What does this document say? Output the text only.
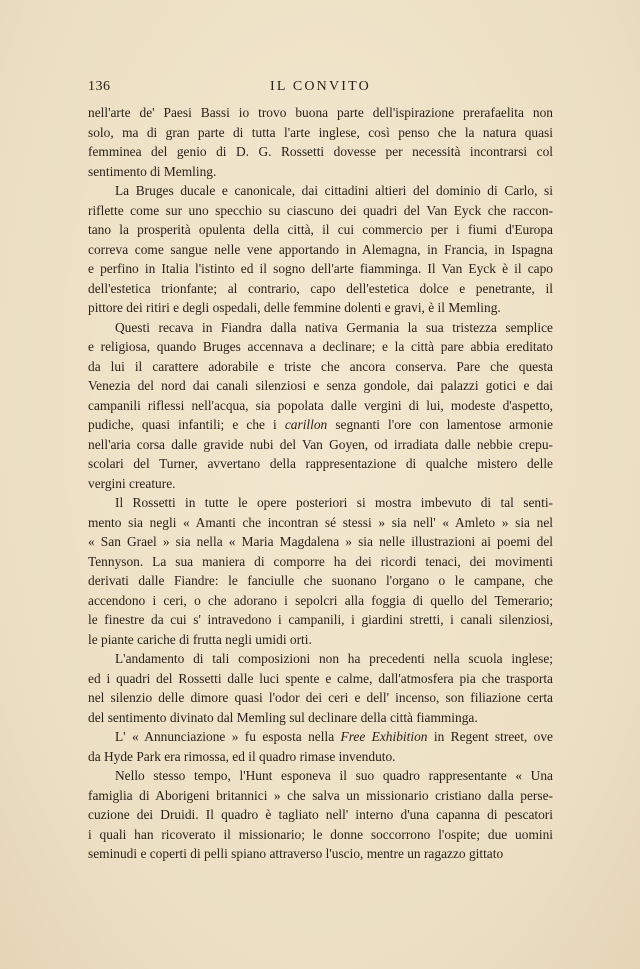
136	IL CONVITO
nell'arte de' Paesi Bassi io trovo buona parte dell'ispirazione prerafaelita non
solo, ma di gran parte di tutta l'arte inglese, così penso che la natura quasi
femminea del genio di D. G. Rossetti dovesse per necessità incontrarsi col
sentimento di Memling.
La Bruges ducale e canonicale, dai cittadini altieri del dominio di Carlo, si
riflette come sur uno specchio su ciascuno dei quadri del Van Eyck che raccon-
tano la prosperità opulenta della città, il cui commercio per i fiumi d'Europa
correva come sangue nelle vene apportando in Alemagna, in Francia, in Ispagna
e perfino in Italia l'istinto ed il sogno dell'arte fiamminga. Il Van Eyck è il capo
dell'estetica trionfante; al contrario, capo dell'estetica dolce e penetrante, il
pittore dei ritiri e degli ospedali, delle femmine dolenti e gravi, è il Memling.
Questi recava in Fiandra dalla nativa Germania la sua tristezza semplice
e religiosa, quando Bruges accennava a declinare; e la città pare abbia ereditato
da lui il carattere adorabile e triste che ancora conserva. Pare che questa
Venezia del nord dai canali silenziosi e senza gondole, dai palazzi gotici e dai
campanili riflessi nell'acqua, sia popolata dalle vergini di lui, modeste d'aspetto,
pudiche, quasi infantili; e che i carillon segnanti l'ore con lamentose armonie
nell'aria corsa dalle gravide nubi del Van Goyen, od irradiata dalle nebbie crepu-
scolari del Turner, avvertano della rappresentazione di qualche mistero delle
vergini creature.
Il Rossetti in tutte le opere posteriori si mostra imbevuto di tal senti-
mento sia negli « Amanti che incontran sé stessi » sia nell' « Amleto » sia nel
« San Grael » sia nella « Maria Magdalena » sia nelle illustrazioni ai poemi del
Tennyson. La sua maniera di comporre ha dei ricordi tenaci, dei movimenti
derivati dalle Fiandre: le fanciulle che suonano l'organo o le campane, che
accendono i ceri, o che adorano i sepolcri alla foggia di quello del Temerario;
le finestre da cui s' intravedono i campanili, i giardini stretti, i canali silenziosi,
le piante cariche di frutta negli umidi orti.
L'andamento di tali composizioni non ha precedenti nella scuola inglese;
ed i quadri del Rossetti dalle luci spente e calme, dall'atmosfera pia che trasporta
nel silenzio delle dimore quasi l'odor dei ceri e dell' incenso, son filiazione certa
del sentimento divinato dal Memling sul declinare della città fiamminga.
L' « Annunciazione » fu esposta nella Free Exhibition in Regent street, ove
da Hyde Park era rimossa, ed il quadro rimase invenduto.
Nello stesso tempo, l'Hunt esponeva il suo quadro rappresentante « Una
famiglia di Aborigeni britannici » che salva un missionario cristiano dalla perse-
cuzione dei Druidi. Il quadro è tagliato nell' interno d'una capanna di pescatori
i quali han ricoverato il missionario; le donne soccorrono l'ospite; due uomini
seminudi e coperti di pelli spiano attraverso l'uscio, mentre un ragazzo gittato
